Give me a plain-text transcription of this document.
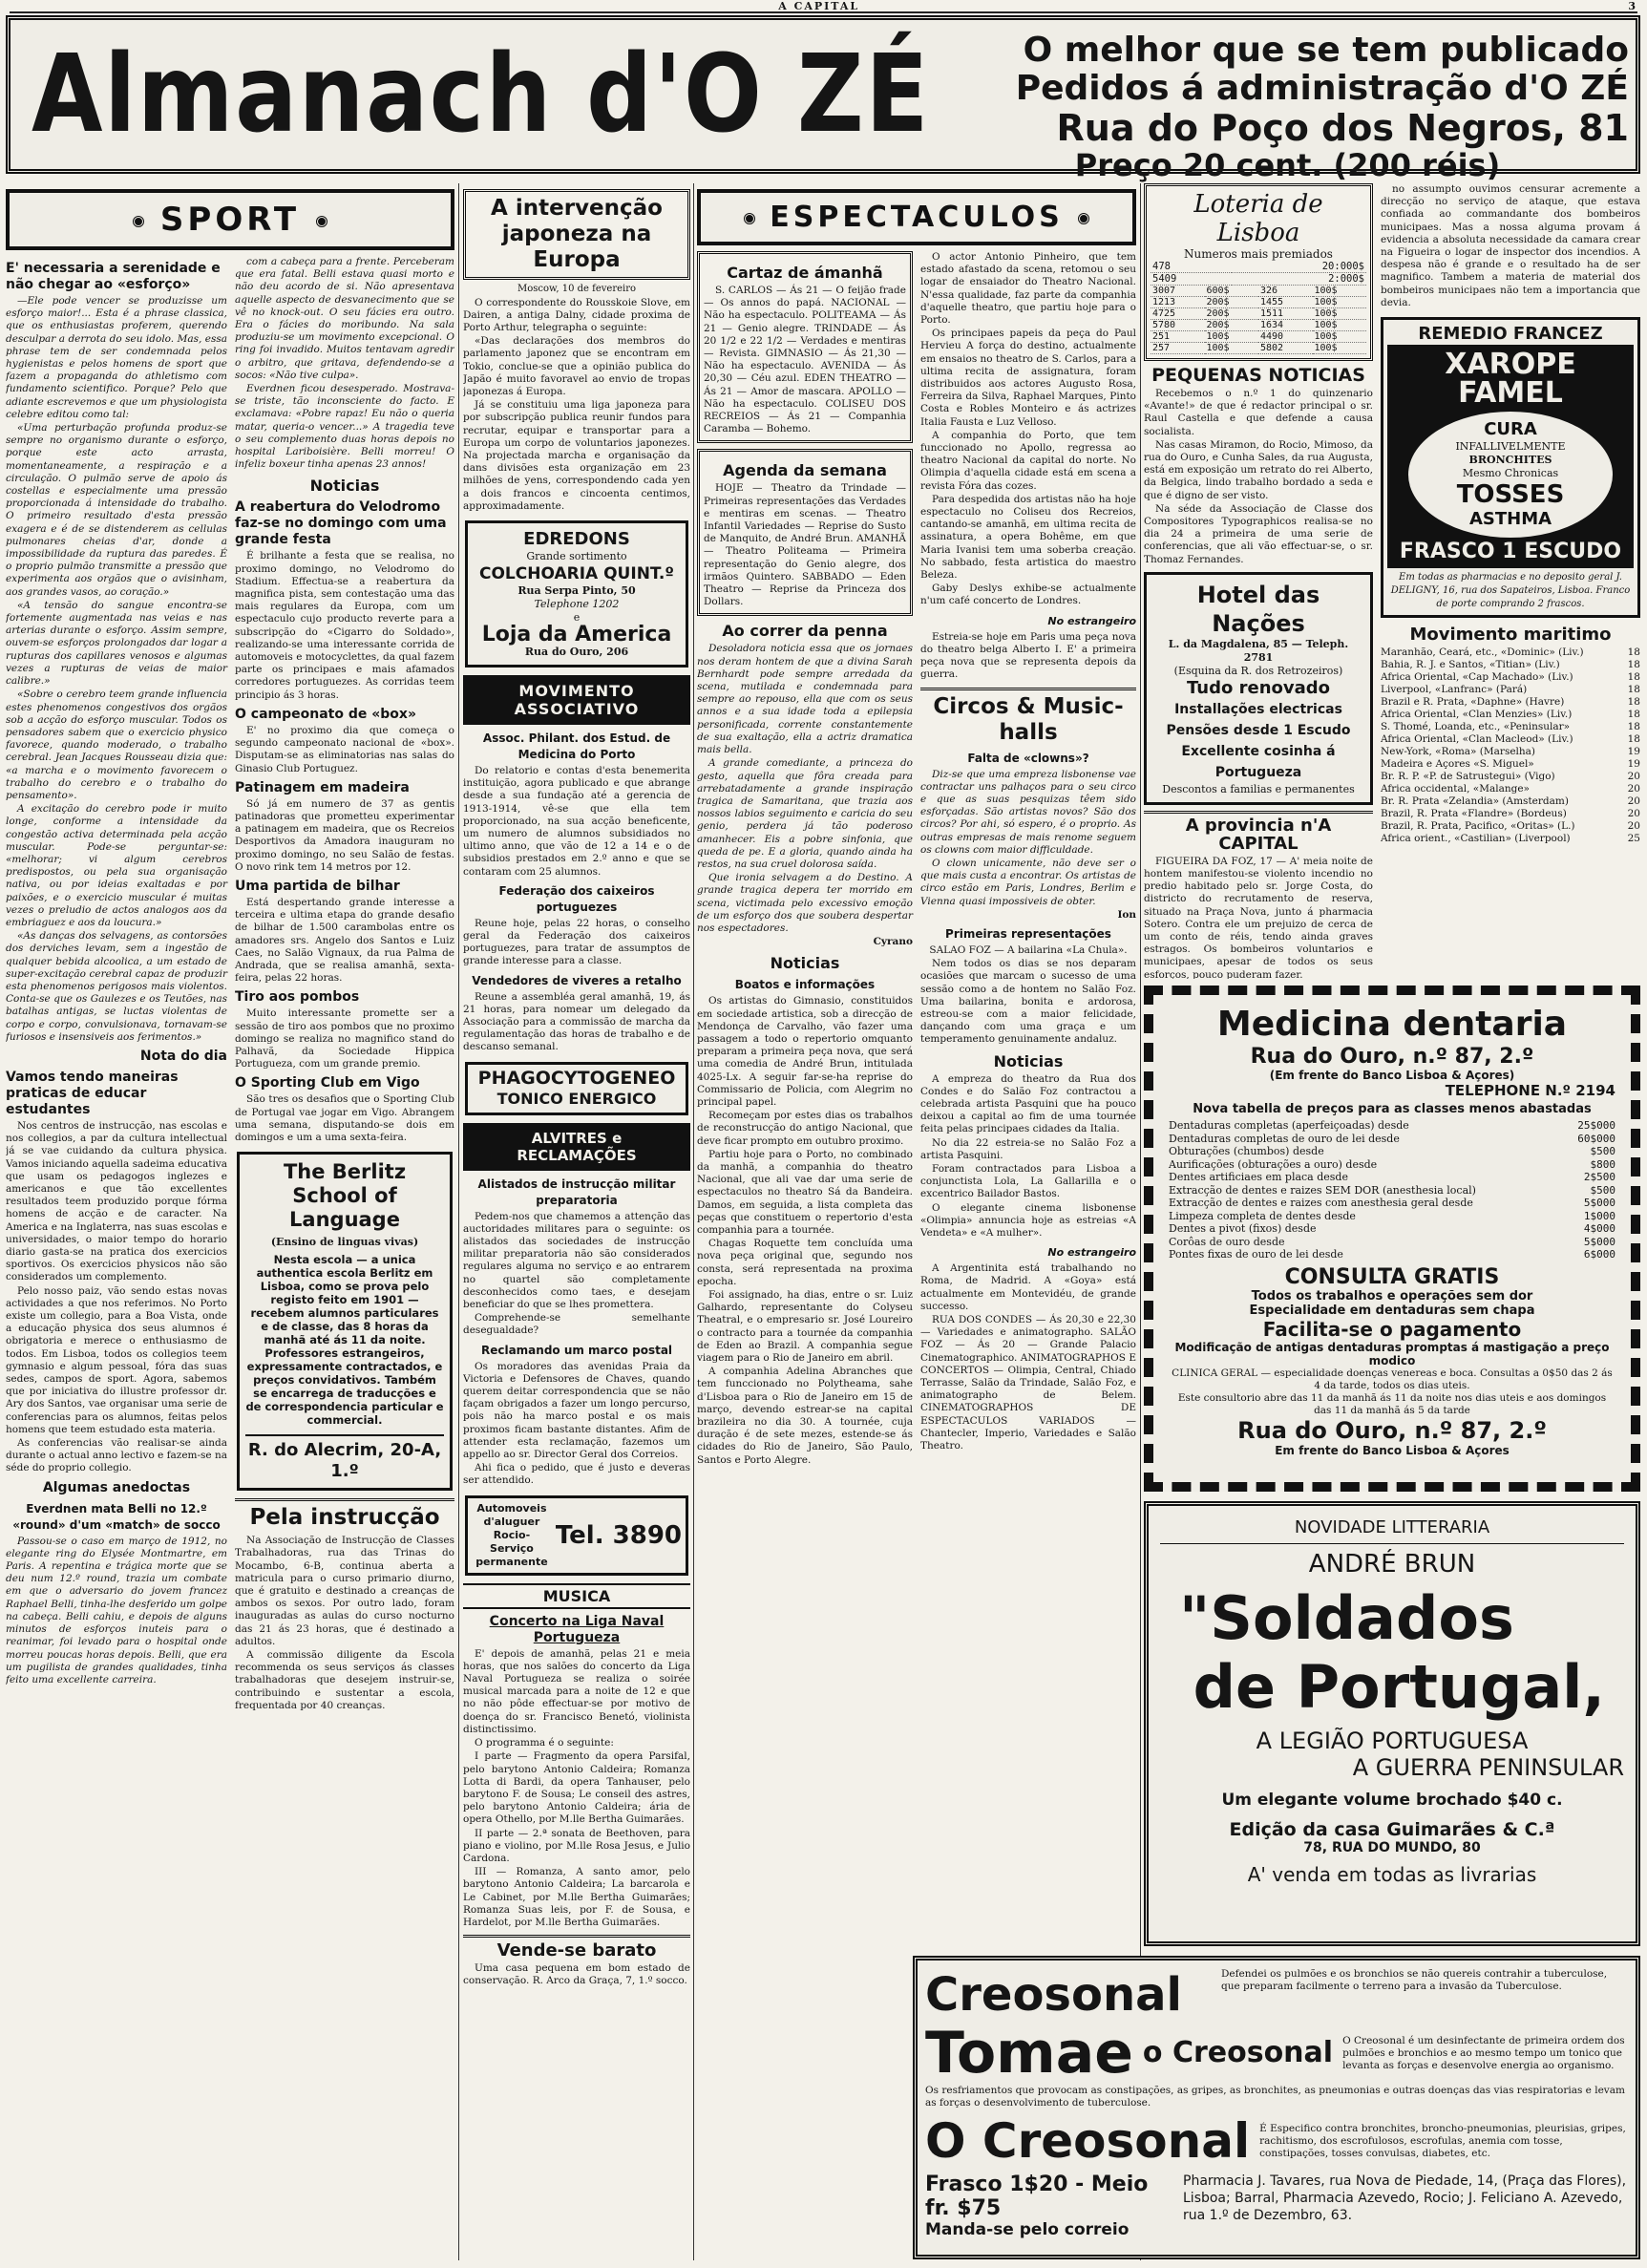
A CAPITAL	3
Almanach d'O ZÉ	O melhor que se tem publicado
Pedidos á administração d'O ZÉ
Rua do Poço dos Negros, 81
Preço 20 cent. (200 réis)
SPORT
E' necessaria a serenidade e não chegar ao «esforço»

—Ele pode vencer se produzisse um esforço maior!... Esta é a phrase classica, que os enthusiastas proferem, querendo desculpar a derrota do seu idolo. Mas, essa phrase tem de ser condemnada pelos hygienistas e pelos homens de sport que fazem a propaganda do athletismo com fundamento scientifico. Porque? Pelo que adiante escrevemos e que um physiologista celebre editou como tal:

«Uma perturbação profunda produz-se sempre no organismo durante o esforço, porque este acto arrasta, momentaneamente, a respiração e a circulação. O pulmão serve de apoio ás costellas e especialmente uma pressão proporcionada á intensidade do trabalho. O primeiro resultado d'esta pressão exagera e é de se distenderem as cellulas pulmonares cheias d'ar, donde a impossibilidade da ruptura das paredes. É o proprio pulmão transmitte a pressão que experimenta aos orgãos que o avisinham, aos grandes vasos, ao coração.»

«A tensão do sangue encontra-se fortemente augmentada nas veias e nas arterias durante o esforço. Assim sempre, ouvem-se esforços prolongados dar logar a rupturas dos capillares venosos e algumas vezes a rupturas de veias de maior calibre.»

«Sobre o cerebro teem grande influencia estes phenomenos congestivos dos orgãos sob a acção do esforço muscular. Todos os pensadores sabem que o exercicio physico favorece, quando moderado, o trabalho cerebral. Jean Jacques Rousseau dizia que: «a marcha e o movimento favorecem o trabalho do cerebro e o trabalho do pensamento».

A excitação do cerebro pode ir muito longe, conforme a intensidade da congestão activa determinada pela acção muscular. Pode-se perguntar-se: «melhorar; vi algum cerebros predispostos, ou pela sua organisação nativa, ou por ideias exaltadas e por paixões, e o exercicio muscular é muitas vezes o preludio de actos analogos aos da embriaguez e aos da loucura.»

«As danças dos selvagens, as contorsões dos derviches levam, sem a ingestão de qualquer bebida alcoolica, a um estado de super-excitação cerebral capaz de produzir esta phenomenos perigosos mais violentos. Conta-se que os Gaulezes e os Teutões, nas batalhas antigas, se luctas violentas de corpo e corpo, convulsionava, tornavam-se furiosos e insensiveis aos ferimentos.»

Nota do dia
Vamos tendo maneiras praticas de educar estudantes

Nos centros de instrucção, nas escolas e nos collegios, a par da cultura intellectual já se vae cuidando da cultura physica. Vamos iniciando aquella sadeima educativa que usam os pedagogos inglezes e americanos e que tão excellentes resultados teem produzido porque fórma homens de acção e de caracter. Na America e na Inglaterra, nas suas escolas e universidades, o maior tempo do horario diario gasta-se na pratica dos exercicios sportivos. Os exercicios physicos não são considerados um complemento.

Pelo nosso paiz, vão sendo estas novas actividades a que nos referimos. No Porto existe um collegio, para a Boa Vista, onde a educação physica dos seus alumnos é obrigatoria e merece o enthusiasmo de todos. Em Lisboa, todos os collegios teem gymnasio e algum pessoal, fóra das suas sedes, campos de sport. Agora, sabemos que por iniciativa do illustre professor dr. Ary dos Santos, vae organisar uma serie de conferencias para os alumnos, feitas pelos homens que teem estudado esta materia.

As conferencias vão realisar-se ainda durante o actual anno lectivo e fazem-se na séde do proprio collegio.

Algumas anedoctas
Everdnen mata Belli no 12.º «round» d'um «match» de socco

Passou-se o caso em março de 1912, no elegante ring do Elysée Montmartre, em Paris. A repentina e trágica morte que se deu num 12.º round, trazia um combate em que o adversario do jovem francez Raphael Belli, tinha-lhe desferido um golpe na cabeça. Belli cahiu, e depois de alguns minutos de esforços inuteis para o reanimar, foi levado para o hospital onde morreu poucas horas depois. Belli, que era um pugilista de grandes qualidades, tinha feito uma excellente carreira.

com a cabeça para a frente. Perceberam que era fatal. Belli estava quasi morto e não deu acordo de si. Não apresentava aquelle aspecto de desvanecimento que se vê no knock-out. O seu fácies era outro. Era o fácies do moribundo. Na sala produziu-se um movimento excepcional. O ring foi invadido. Muitos tentavam agredir o arbitro, que gritava, defendendo-se a socos: «Não tive culpa».

Everdnen ficou desesperado. Mostrava-se triste, tão inconsciente do facto. E exclamava: «Pobre rapaz! Eu não o queria matar, queria-o vencer...» A tragedia teve o seu complemento duas horas depois no hospital Lariboisière. Belli morreu! O infeliz boxeur tinha apenas 23 annos!

Noticias
A reabertura do Velodromo faz-se no domingo com uma grande festa

É brilhante a festa que se realisa, no proximo domingo, no Velodromo do Stadium. Effectua-se a reabertura da magnifica pista, sem contestação uma das mais regulares da Europa, com um espectaculo cujo producto reverte para a subscripção do «Cigarro do Soldado», realizando-se uma interessante corrida de automoveis e motocyclettes, da qual fazem parte os principaes e mais afamados corredores portuguezes. As corridas teem principio ás 3 horas.

O campeonato de «box»

E' no proximo dia que começa o segundo campeonato nacional de «box». Disputam-se as eliminatorias nas salas do Ginasio Club Portuguez.

Patinagem em madeira

Só já em numero de 37 as gentis patinadoras que prometteu experimentar a patinagem em madeira, que os Recreios Desportivos da Amadora inauguram no proximo domingo, no seu Salão de festas. O novo rink tem 14 metros por 12.

Uma partida de bilhar

Está despertando grande interesse a terceira e ultima etapa do grande desafio de bilhar de 1.500 carambolas entre os amadores srs. Angelo dos Santos e Luiz Caes, no Salão Vignaux, da rua Palma de Andrada, que se realisa amanhã, sexta-feira, pelas 22 horas.

Tiro aos pombos

Muito interessante promette ser a sessão de tiro aos pombos que no proximo domingo se realiza no magnifico stand do Palhavã, da Sociedade Hippica Portugueza, com um grande premio.

O Sporting Club em Vigo

São tres os desafios que o Sporting Club de Portugal vae jogar em Vigo. Abrangem uma semana, disputando-se dois em domingos e um a uma sexta-feira.

The Berlitz School of Language
(Ensino de linguas vivas)
Nesta escola — a unica authentica escola Berlitz em Lisboa, como se prova pelo registo feito em 1901 — recebem alumnos particulares e de classe, das 8 horas da manhã até ás 11 da noite. Professores estrangeiros, expressamente contractados, e preços convidativos. Também se encarrega de traducções e de correspondencia particular e commercial.
R. do Alecrim, 20-A, 1.º
Pela instrucção

Na Associação de Instrucção de Classes Trabalhadoras, rua das Trinas do Mocambo, 6-B, continua aberta a matricula para o curso primario diurno, que é gratuito e destinado a creanças de ambos os sexos. Por outro lado, foram inauguradas as aulas do curso nocturno das 21 ás 23 horas, que é destinado a adultos.

A commissão diligente da Escola recommenda os seus serviços ás classes trabalhadoras que desejem instruir-se, contribuindo e sustentar a escola, frequentada por 40 creanças.

A intervenção japoneza na Europa

Moscow, 10 de fevereiro

O correspondente do Rousskoie Slove, em Dairen, a antiga Dalny, cidade proxima de Porto Arthur, telegrapha o seguinte:

«Das declarações dos membros do parlamento japonez que se encontram em Tokio, conclue-se que a opinião publica do Japão é muito favoravel ao envio de tropas japonezas á Europa.

Já se constituiu uma liga japoneza para por subscripção publica reunir fundos para recrutar, equipar e transportar para a Europa um corpo de voluntarios japonezes. Na projectada marcha e organisação da dans divisões esta organização em 23 milhões de yens, correspondendo cada yen a dois francos e cincoenta centimos, approximadamente.

EDREDONS
Grande sortimento
COLCHOARIA QUINT.º
Rua Serpa Pinto, 50
Telephone 1202
e
Loja da America
Rua do Ouro, 206
MOVIMENTO ASSOCIATIVO
Assoc. Philant. dos Estud. de Medicina do Porto

Do relatorio e contas d'esta benemerita instituição, agora publicado e que abrange desde a sua fundação até a gerencia de 1913-1914, vê-se que ella tem proporcionado, na sua acção beneficente, um numero de alumnos subsidiados no ultimo anno, que vão de 12 a 14 e o de subsidios prestados em 2.º anno e que se contaram com 25 alumnos.

Federação dos caixeiros portuguezes

Reune hoje, pelas 22 horas, o conselho geral da Federação dos caixeiros portuguezes, para tratar de assumptos de grande interesse para a classe.

Vendedores de viveres a retalho

Reune a assembléa geral amanhã, 19, ás 21 horas, para nomear um delegado da Associação para a commissão de marcha da regulamentação das horas de trabalho e de descanso semanal.

PHAGOCYTOGENEO
TONICO ENERGICO
ALVITRES e RECLAMAÇÕES
Alistados de instrucção militar preparatoria

Pedem-nos que chamemos a attenção das auctoridades militares para o seguinte: os alistados das sociedades de instrucção militar preparatoria não são considerados regulares alguma no serviço e ao entrarem no quartel são completamente desconhecidos como taes, e desejam beneficiar do que se lhes promettera.

Comprehende-se semelhante desegualdade?

Reclamando um marco postal

Os moradores das avenidas Praia da Victoria e Defensores de Chaves, quando querem deitar correspondencia que se não façam obrigados a fazer um longo percurso, pois não ha marco postal e os mais proximos ficam bastante distantes. Afim de attender esta reclamação, fazemos um appello ao sr. Director Geral dos Correios.

Ahi fica o pedido, que é justo e deveras ser attendido.

Automoveis d'aluguer
Rocio-Serviço permanente
Tel. 3890
MUSICA
Concerto na Liga Naval Portugueza

E' depois de amanhã, pelas 21 e meia horas, que nos salões do concerto da Liga Naval Portugueza se realiza o soirée musical marcada para a noite de 12 e que no não pôde effectuar-se por motivo de doença do sr. Francisco Benetó, violinista distinctissimo.

O programma é o seguinte:

I parte — Fragmento da opera Parsifal, pelo barytono Antonio Caldeira; Romanza Lotta di Bardi, da opera Tanhauser, pelo barytono F. de Sousa; Le conseil des astres, pelo barytono Antonio Caldeira; ária de opera Othello, por M.lle Bertha Guimarães.

II parte — 2.ª sonata de Beethoven, para piano e violino, por M.lle Rosa Jesus, e Julio Cardona.

III — Romanza, A santo amor, pelo barytono Antonio Caldeira; La barcarola e Le Cabinet, por M.lle Bertha Guimarães; Romanza Suas leis, por F. de Sousa, e Hardelot, por M.lle Bertha Guimarães.

Vende-se barato

Uma casa pequena em bom estado de conservação. R. Arco da Graça, 7, 1.º socco.

ESPECTACULOS
Cartaz de ámanhã

S. CARLOS — Ás 21 — O feijão frade — Os annos do papá. NACIONAL — Não ha espectaculo. POLITEAMA — Ás 21 — Genio alegre. TRINDADE — Ás 20 1/2 e 22 1/2 — Verdades e mentiras — Revista. GIMNASIO — Ás 21,30 — Não ha espectaculo. AVENIDA — Ás 20,30 — Céu azul. EDEN THEATRO — Ás 21 — Amor de mascara. APOLLO — Não ha espectaculo. COLISEU DOS RECREIOS — Ás 21 — Companhia Caramba — Bohemo.

Agenda da semana

HOJE — Theatro da Trindade — Primeiras representações das Verdades e mentiras em scenas. — Theatro Infantil Variedades — Reprise do Susto de Manquito, de André Brun. AMANHÃ — Theatro Politeama — Primeira representação do Genio alegre, dos irmãos Quintero. SABBADO — Eden Theatro — Reprise da Princeza dos Dollars.

Ao correr da penna

Desoladora noticia essa que os jornaes nos deram hontem de que a divina Sarah Bernhardt pode sempre arredada da scena, mutilada e condemnada para sempre ao repouso, ella que com os seus annos e a sua idade toda a epilepsia personificada, corrente constantemente de sua exaltação, ella a actriz dramatica mais bella.

A grande comediante, a princeza do gesto, aquella que fôra creada para arrebatadamente a grande inspiração tragica de Samaritana, que trazia aos nossos labios seguimento e caricia do seu genio, perdera já tão poderoso amanhecer. Eis a pobre sinfonia, que queda de pe. E a gloria, quando ainda ha restos, na sua cruel dolorosa saída.

Que ironia selvagem a do Destino. A grande tragica depera ter morrido em scena, victimada pelo excessivo emoção de um esforço dos que soubera despertar nos espectadores.

Cyrano

Noticias
Boatos e informações

Os artistas do Gimnasio, constituidos em sociedade artistica, sob a direcção de Mendonça de Carvalho, vão fazer uma passagem a todo o repertorio omquanto preparam a primeira peça nova, que será uma comedia de André Brun, intitulada 4025-Lx. A seguir far-se-ha reprise do Commissario de Policia, com Alegrim no principal papel.

Recomeçam por estes dias os trabalhos de reconstrucção do antigo Nacional, que deve ficar prompto em outubro proximo.

Partiu hoje para o Porto, no combinado da manhã, a companhia do theatro Nacional, que ali vae dar uma serie de espectaculos no theatro Sá da Bandeira. Damos, em seguida, a lista completa das peças que constituem o repertorio d'esta companhia para a tournée.

Chagas Roquette tem concluída uma nova peça original que, segundo nos consta, será representada na proxima epocha.

Foi assignado, ha dias, entre o sr. Luiz Galhardo, representante do Colyseu Theatral, e o empresario sr. José Loureiro o contracto para a tournée da companhia de Eden ao Brazil. A companhia segue viagem para o Rio de Janeiro em abril.

A companhia Adelina Abranches que tem funccionado no Polytheama, sahe d'Lisboa para o Rio de Janeiro em 15 de março, devendo estrear-se na capital brazileira no dia 30. A tournée, cuja duração é de sete mezes, estende-se ás cidades do Rio de Janeiro, São Paulo, Santos e Porto Alegre.

O actor Antonio Pinheiro, que tem estado afastado da scena, retomou o seu logar de ensaiador do Theatro Nacional. N'essa qualidade, faz parte da companhia d'aquelle theatro, que partiu hoje para o Porto.

Os principaes papeis da peça do Paul Hervieu A força do destino, actualmente em ensaios no theatro de S. Carlos, para a ultima recita de assignatura, foram distribuidos aos actores Augusto Rosa, Ferreira da Silva, Raphael Marques, Pinto Costa e Robles Monteiro e ás actrizes Italia Fausta e Luz Velloso.

A companhia do Porto, que tem funccionado no Apollo, regressa ao theatro Nacional da capital do norte. No Olimpia d'aquella cidade está em scena a revista Fóra das cozes.

Para despedida dos artistas não ha hoje espectaculo no Coliseu dos Recreios, cantando-se amanhã, em ultima recita de assinatura, a opera Bohême, em que Maria Ivanisi tem uma soberba creação. No sabbado, festa artistica do maestro Beleza.

Gaby Deslys exhibe-se actualmente n'um café concerto de Londres.

No estrangeiro

Estreia-se hoje em Paris uma peça nova do theatro belga Alberto I. E' a primeira peça nova que se representa depois da guerra.

Circos & Music-halls
Falta de «clowns»?

Diz-se que uma empreza lisbonense vae contractar uns palhaços para o seu circo e que as suas pesquizas têem sido esforçadas. São artistas novos? São dos circos? Por ahi, só espero, é o proprio. As outras empresas de mais renome seguem os clowns com maior difficuldade.

O clown unicamente, não deve ser o que mais custa a encontrar. Os artistas de circo estão em Paris, Londres, Berlim e Vienna quasi impossiveis de obter.

Ion

Primeiras representações

SALAO FOZ — A bailarina «La Chula».

Nem todos os dias se nos deparam ocasiões que marcam o sucesso de uma sessão como a de hontem no Salão Foz. Uma bailarina, bonita e ardorosa, estreou-se com a maior felicidade, dançando com uma graça e um temperamento genuinamente andaluz.

Noticias

A empreza do theatro da Rua dos Condes e do Salão Foz contractou a celebrada artista Pasquini que ha pouco deixou a capital ao fim de uma tournée feita pelas principaes cidades da Italia.

No dia 22 estreia-se no Salão Foz a artista Pasquini.

Foram contractados para Lisboa a conjunctista Lola, La Gallarilla e o excentrico Bailador Bastos.

O elegante cinema lisbonense «Olimpia» annuncia hoje as estreias «A Vendeta» e «A mulher».

No estrangeiro

A Argentinita está trabalhando no Roma, de Madrid. A «Goya» está actualmente em Montevidéu, de grande successo.

RUA DOS CONDES — Ás 20,30 e 22,30 — Variedades e animatographo. SALÃO FOZ — Ás 20 — Grande Palacio Cinematographico. ANIMATOGRAPHOS E CONCERTOS — Olimpia, Central, Chiado Terrasse, Salão da Trindade, Salão Foz, e animatographo de Belem. CINEMATOGRAPHOS DE ESPECTACULOS VARIADOS — Chantecler, Imperio, Variedades e Salão Theatro.

Loteria de Lisboa
Numeros mais premiados
478	20:000$
5409	2:000$
3007	600$	326	100$
1213	200$	1455	100$
4725	200$	1511	100$
5780	200$	1634	100$
251	100$	4490	100$
257	100$	5802	100$
PEQUENAS NOTICIAS

Recebemos o n.º 1 do quinzenario «Avante!» de que é redactor principal o sr. Raul Castella e que defende a causa socialista.

Nas casas Miramon, do Rocio, Mimoso, da rua do Ouro, e Cunha Sales, da rua Augusta, está em exposição um retrato do rei Alberto, da Belgica, lindo trabalho bordado a seda e que é digno de ser visto.

Na séde da Associação de Classe dos Compositores Typographicos realisa-se no dia 24 a primeira de uma serie de conferencias, que ali vão effectuar-se, o sr. Thomaz Fernandes.

Hotel das Nações
L. da Magdalena, 85 — Teleph. 2781
(Esquina da R. dos Retrozeiros)
Tudo renovado
Installações electricas
Pensões desde 1 Escudo
Excellente cosinha á Portugueza
Descontos a familias e permanentes
A provincia n'A CAPITAL

FIGUEIRA DA FOZ, 17 — A' meia noite de hontem manifestou-se violento incendio no predio habitado pelo sr. Jorge Costa, do districto do recrutamento de reserva, situado na Praça Nova, junto á pharmacia Sotero. Contra ele um prejuizo de cerca de um conto de réis, tendo ainda graves estragos. Os bombeiros voluntarios e municipaes, apesar de todos os seus esforços, pouco puderam fazer.

no assumpto ouvimos censurar acremente a direcção no serviço de ataque, que estava confiada ao commandante dos bombeiros municipaes. Mas a nossa alguma provam á evidencia a absoluta necessidade da camara crear na Figueira o logar de inspector dos incendios. A despesa não é grande e o resultado ha de ser magnifico. Tambem a materia de material dos bombeiros municipaes não tem a importancia que devia.

REMEDIO FRANCEZ
XAROPE FAMEL
CURA
INFALLIVELMENTE
BRONCHITES
Mesmo Chronicas
TOSSES
ASTHMA
FRASCO 1 ESCUDO
Em todas as pharmacias e no deposito geral J. DELIGNY, 16, rua dos Sapateiros, Lisboa. Franco de porte comprando 2 frascos.
Movimento maritimo
Maranhão, Ceará, etc., «Dominic» (Liv.)	18
Bahia, R. J. e Santos, «Titian» (Liv.)	18
Africa Oriental, «Cap Machado» (Liv.)	18
Liverpool, «Lanfranc» (Pará)	18
Brazil e R. Prata, «Daphne» (Havre)	18
Africa Oriental, «Clan Menzies» (Liv.)	18
S. Thomé, Loanda, etc., «Peninsular»	18
Africa Oriental, «Clan Macleod» (Liv.)	18
New-York, «Roma» (Marselha)	19
Madeira e Açores «S. Miguel»	19
Br. R. P. «P. de Satrustegui» (Vigo)	20
Africa occidental, «Malange»	20
Br. R. Prata «Zelandia» (Amsterdam)	20
Brazil, R. Prata «Flandre» (Bordeus)	20
Brazil, R. Prata, Pacifico, «Oritas» (L.)	20
Africa orient., «Castilian» (Liverpool)	25
Medicina dentaria
Rua do Ouro, n.º 87, 2.º
(Em frente do Banco Lisboa & Açores)
TELEPHONE N.º 2194
Nova tabella de preços para as classes menos abastadas
Dentaduras completas (aperfeiçoadas) desde	25$000
Dentaduras completas de ouro de lei desde	60$000
Obturações (chumbos) desde	$500
Aurificações (obturações a ouro) desde	$800
Dentes artificiaes em placa desde	2$500
Extracção de dentes e raizes SEM DOR (anesthesia local)	$500
Extracção de dentes e raizes com anesthesia geral desde	5$000
Limpeza completa de dentes desde	1$000
Dentes a pivot (fixos) desde	4$000
Corôas de ouro desde	5$000
Pontes fixas de ouro de lei desde	6$000
CONSULTA GRATIS
Todos os trabalhos e operações sem dor
Especialidade em dentaduras sem chapa
Facilita-se o pagamento
Modificação de antigas dentaduras promptas á mastigação a preço modico
CLINICA GERAL — especialidade doenças venereas e boca. Consultas a 0$50 das 2 ás 4 da tarde, todos os dias uteis.
Este consultorio abre das 11 da manhã ás 11 da noite nos dias uteis e aos domingos das 11 da manhã ás 5 da tarde
Rua do Ouro, n.º 87, 2.º
Em frente do Banco Lisboa & Açores
NOVIDADE LITTERARIA
ANDRÉ BRUN
"Soldados
de Portugal,
A LEGIÃO PORTUGUESA
A GUERRA PENINSULAR
Um elegante volume brochado $40 c.
Edição da casa Guimarães & C.ª
78, RUA DO MUNDO, 80
A' venda em todas as livrarias
Creosonal	Defendei os pulmões e os bronchios se não quereis contrahir a tuberculose, que preparam facilmente o terreno para a invasão da Tuberculose.
Tomae o Creosonal O Creosonal é um desinfectante de primeira ordem dos pulmões e bronchios e ao mesmo tempo um tonico que levanta as forças e desenvolve energia ao organismo.
Os resfriamentos que provocam as constipações, as gripes, as bronchites, as pneumonias e outras doenças das vias respiratorias e levam as forças o desenvolvimento de tuberculose.
O Creosonal É Especifico contra bronchites, broncho-pneumonias, pleurisias, gripes, rachitismo, dos escrofulosos, escrofulas, anemia com tosse, constipações, tosses convulsas, diabetes, etc.
Frasco 1$20 - Meio fr. $75
Manda-se pelo correio
Pharmacia J. Tavares, rua Nova de Piedade, 14, (Praça das Flores), Lisboa; Barral, Pharmacia Azevedo, Rocio; J. Feliciano A. Azevedo, rua 1.º de Dezembro, 63.
